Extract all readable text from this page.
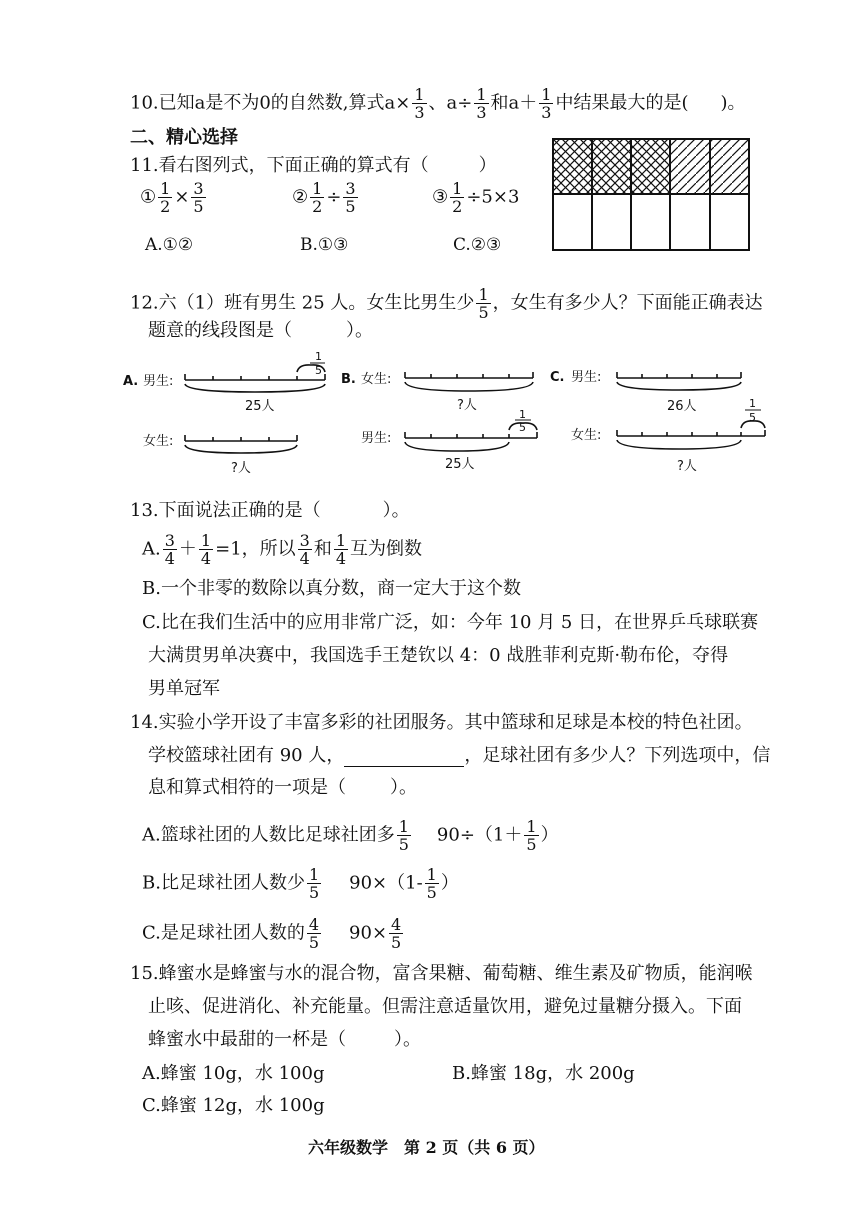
10.已知a是不为0的自然数,算式$a\times \frac{1}{3}$ 、$a\div \frac{1}{3}$ 和$a+ \frac{1}{3}$ 中结果最大的是( )。
二、精心选择
11.看右图列式，下面正确的算式有（	）
① $\frac{1}{2} \times \frac{3}{5}$	② $\frac{1}{2} \div \frac{3}{5}$	③ $\frac{1}{2} \div 5\times 3$
A.①②	B.①③	C.②③
12.六（1）班有男生 25 人。女生比男生少 $\frac{1}{5}$ ，女生有多少人？下面能正确表达
题意的线段图是（	）。
A. 男生:
25人
1
5
女生:
?人
B. 女生:
?人
男生:
25人
1
5
C. 男生:
26人
女生:
?人
1
5
13.下面说法正确的是（	）。
A. $\frac{3}{4} + \frac{1}{4} =1$，所以 $\frac{3}{4}$ 和 $\frac{1}{4}$ 互为倒数
B.一个非零的数除以真分数，商一定大于这个数
C.比在我们生活中的应用非常广泛，如：今年 10 月 5 日，在世界乒乓球联赛
大满贯男单决赛中，我国选手王楚钦以 4：0 战胜菲利克斯·勒布伦，夺得
男单冠军
14.实验小学开设了丰富多彩的社团服务。其中篮球和足球是本校的特色社团。
学校篮球社团有 90 人，	，足球社团有多少人？下列选项中，信
息和算式相符的一项是（ ）。
A.篮球社团的人数比足球社团多 $\frac{1}{5} 90\div(1+ \frac{1}{5}$ ）
B.比足球社团人数少 $\frac{1}{5} 90\times(1- \frac{1}{5}$ ）
C.是足球社团人数的 $\frac{4}{5} 90\times \frac{4}{5}$
15.蜂蜜水是蜂蜜与水的混合物，富含果糖、葡萄糖、维生素及矿物质，能润喉
止咳、促进消化、补充能量。但需注意适量饮用，避免过量糖分摄入。下面
蜂蜜水中最甜的一杯是（	）。
A.蜂蜜 10g，水 100g	B.蜂蜜 18g，水 200g
C.蜂蜜 12g，水 100g
六年级数学　第 2 页（共 6 页）
